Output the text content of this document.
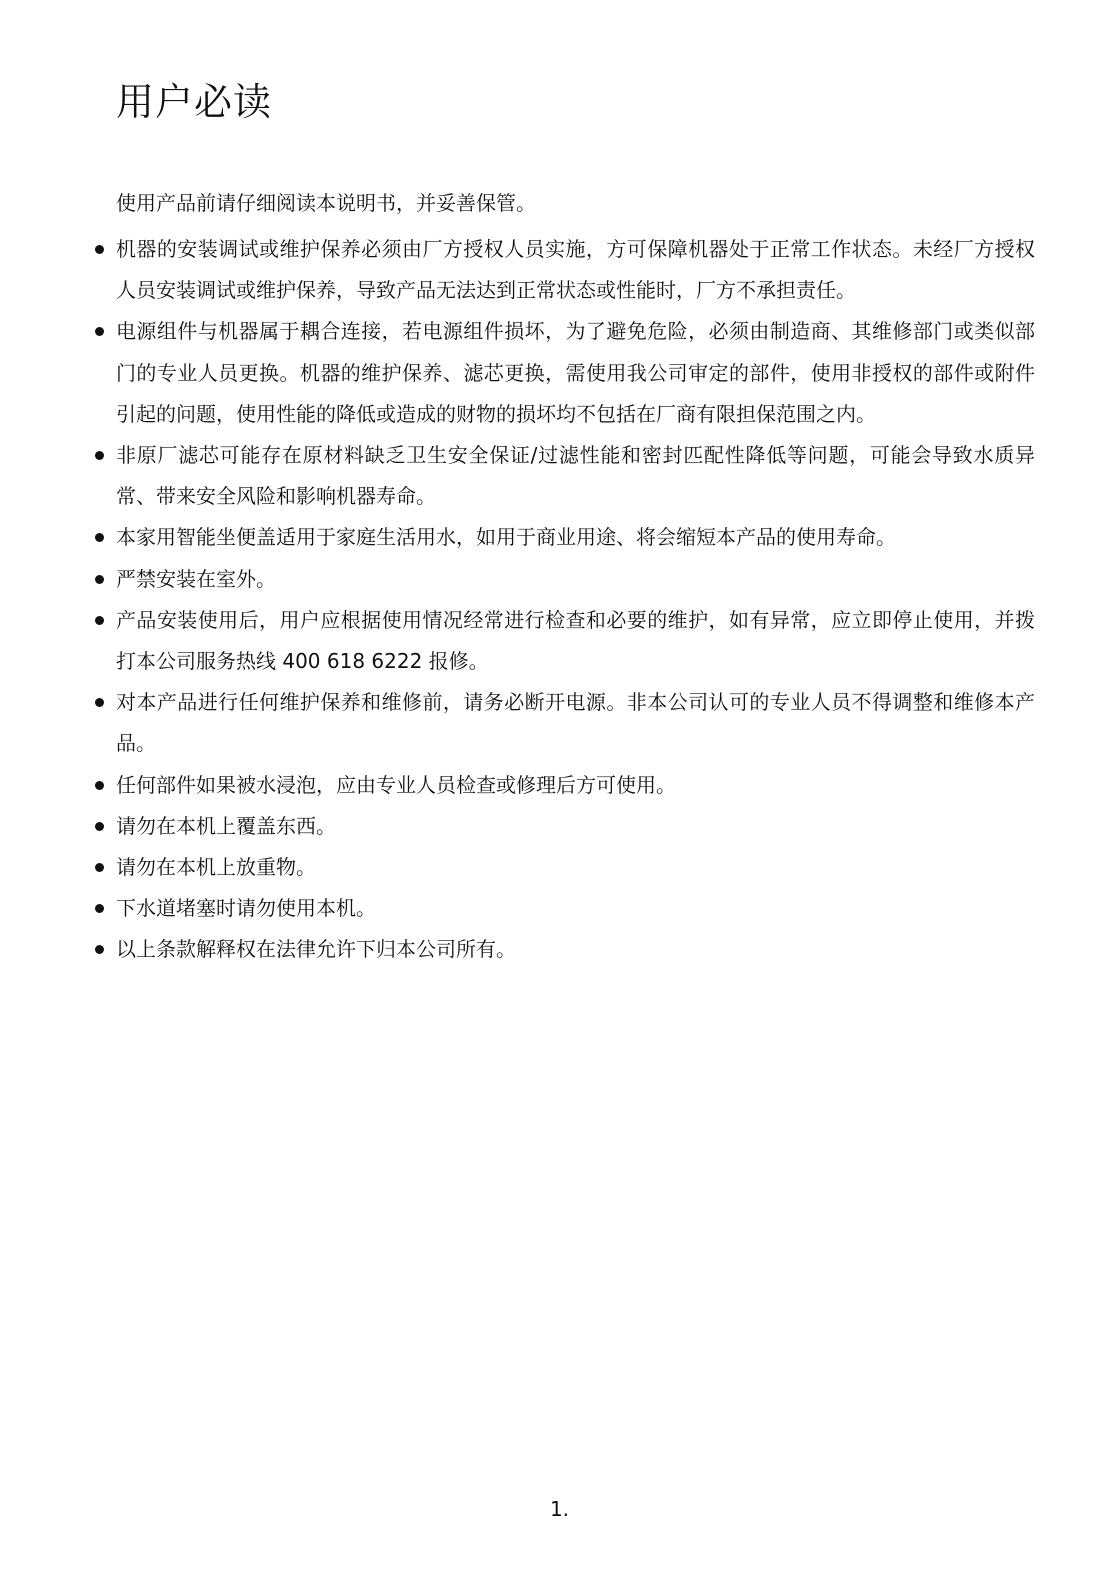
用户必读

使用产品前请仔细阅读本说明书，并妥善保管。

机器的安装调试或维护保养必须由厂方授权人员实施，方可保障机器处于正常工作状态。未经厂方授权人员安装调试或维护保养，导致产品无法达到正常状态或性能时，厂方不承担责任。
电源组件与机器属于耦合连接，若电源组件损坏，为了避免危险，必须由制造商、其维修部门或类似部门的专业人员更换。机器的维护保养、滤芯更换，需使用我公司审定的部件，使用非授权的部件或附件引起的问题，使用性能的降低或造成的财物的损坏均不包括在厂商有限担保范围之内。
非原厂滤芯可能存在原材料缺乏卫生安全保证/过滤性能和密封匹配性降低等问题，可能会导致水质异常、带来安全风险和影响机器寿命。
本家用智能坐便盖适用于家庭生活用水，如用于商业用途、将会缩短本产品的使用寿命。
严禁安装在室外。
产品安装使用后，用户应根据使用情况经常进行检查和必要的维护，如有异常，应立即停止使用，并拨打本公司服务热线 400 618 6222 报修。
对本产品进行任何维护保养和维修前，请务必断开电源。非本公司认可的专业人员不得调整和维修本产品。
任何部件如果被水浸泡，应由专业人员检查或修理后方可使用。
请勿在本机上覆盖东西。
请勿在本机上放重物。
下水道堵塞时请勿使用本机。
以上条款解释权在法律允许下归本公司所有。
1.
